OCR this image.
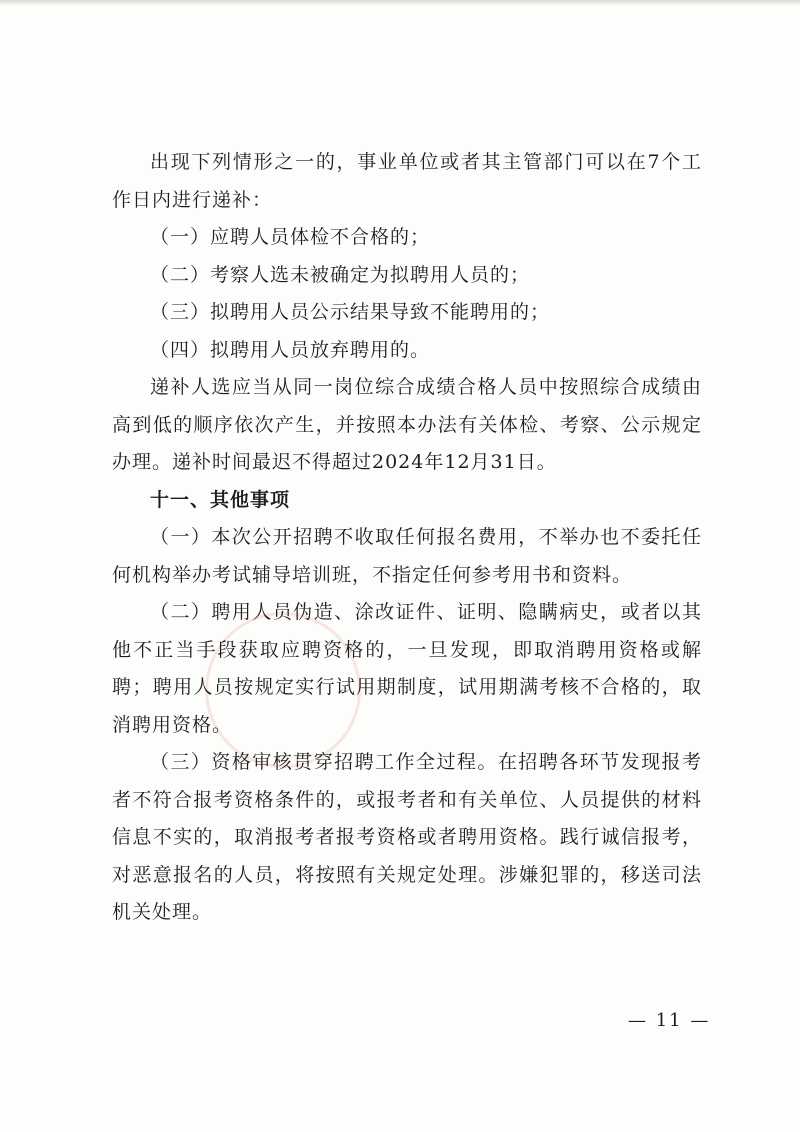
出现下列情形之一的，事业单位或者其主管部门可以在7个工作日内进行递补：

（一）应聘人员体检不合格的；

（二）考察人选未被确定为拟聘用人员的；

（三）拟聘用人员公示结果导致不能聘用的；

（四）拟聘用人员放弃聘用的。

递补人选应当从同一岗位综合成绩合格人员中按照综合成绩由高到低的顺序依次产生，并按照本办法有关体检、考察、公示规定办理。递补时间最迟不得超过2024年12月31日。

十一、其他事项

（一）本次公开招聘不收取任何报名费用，不举办也不委托任何机构举办考试辅导培训班，不指定任何参考用书和资料。

（二）聘用人员伪造、涂改证件、证明、隐瞒病史，或者以其他不正当手段获取应聘资格的，一旦发现，即取消聘用资格或解聘；聘用人员按规定实行试用期制度，试用期满考核不合格的，取消聘用资格。

（三）资格审核贯穿招聘工作全过程。在招聘各环节发现报考者不符合报考资格条件的，或报考者和有关单位、人员提供的材料信息不实的，取消报考者报考资格或者聘用资格。践行诚信报考，对恶意报名的人员，将按照有关规定处理。涉嫌犯罪的，移送司法机关处理。

— 11 —
